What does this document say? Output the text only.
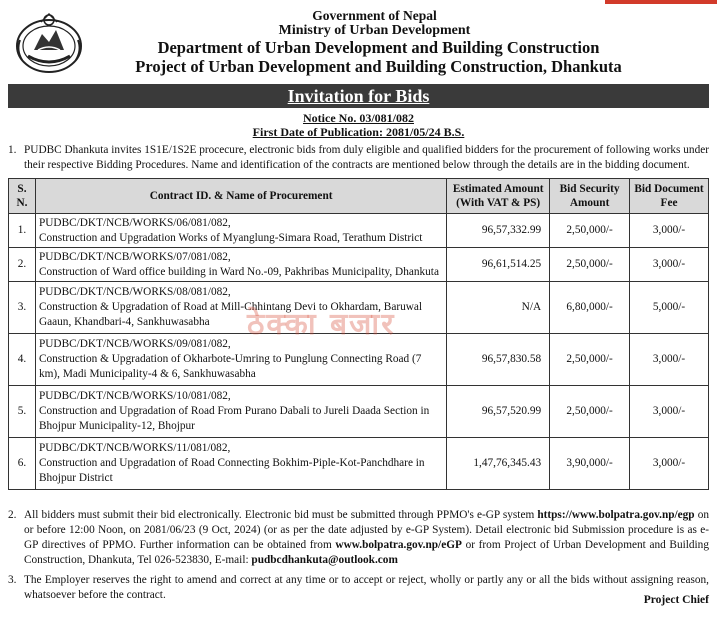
Government of Nepal
Ministry of Urban Development
Department of Urban Development and Building Construction
Project of Urban Development and Building Construction, Dhankuta
Invitation for Bids
Notice No. 03/081/082
First Date of Publication: 2081/05/24 B.S.
1. PUDBC Dhankuta invites 1S1E/1S2E procecure, electronic bids from duly eligible and qualified bidders for the procurement of following works under their respective Bidding Procedures. Name and identification of the contracts are mentioned below through the details are in the bidding document.
S. N.	Contract ID. & Name of Procurement	Estimated Amount (With VAT & PS)	Bid Security Amount	Bid Document Fee
1.	PUDBC/DKT/NCB/WORKS/06/081/082,
Construction and Upgradation Works of Myanglung-Simara Road, Terathum District	96,57,332.99	2,50,000/-	3,000/-
2.	PUDBC/DKT/NCB/WORKS/07/081/082,
Construction of Ward office building in Ward No.-09, Pakhribas Municipality, Dhankuta	96,61,514.25	2,50,000/-	3,000/-
3.	PUDBC/DKT/NCB/WORKS/08/081/082,
Construction & Upgradation of Road at Mill-Chhintang Devi to Okhardam, Baruwal Gaaun, Khandbari-4, Sankhuwasabha	N/A	6,80,000/-	5,000/-
4.	PUDBC/DKT/NCB/WORKS/09/081/082,
Construction & Upgradation of Okharbote-Umring to Punglung Connecting Road (7 km), Madi Municipality-4 & 6, Sankhuwasabha	96,57,830.58	2,50,000/-	3,000/-
5.	PUDBC/DKT/NCB/WORKS/10/081/082,
Construction and Upgradation of Road From Purano Dabali to Jureli Daada Section in Bhojpur Municipality-12, Bhojpur	96,57,520.99	2,50,000/-	3,000/-
6.	PUDBC/DKT/NCB/WORKS/11/081/082,
Construction and Upgradation of Road Connecting Bokhim-Piple-Kot-Panchdhare in Bhojpur District	1,47,76,345.43	3,90,000/-	3,000/-
ठेक्का बजार
2. All bidders must submit their bid electronically. Electronic bid must be submitted through PPMO's e-GP system https://www.bolpatra.gov.np/egp on or before 12:00 Noon, on 2081/06/23 (9 Oct, 2024) (or as per the date adjusted by e-GP System). Detail electronic bid Submission procedure is as e-GP directives of PPMO. Further information can be obtained from www.bolpatra.gov.np/eGP or from Project of Urban Development and Building Construction, Dhankuta, Tel 026-523830, E-mail: pudbcdhankuta@outlook.com
3. The Employer reserves the right to amend and correct at any time or to accept or reject, wholly or partly any or all the bids without assigning reason, whatsoever before the contract.	Project Chief
